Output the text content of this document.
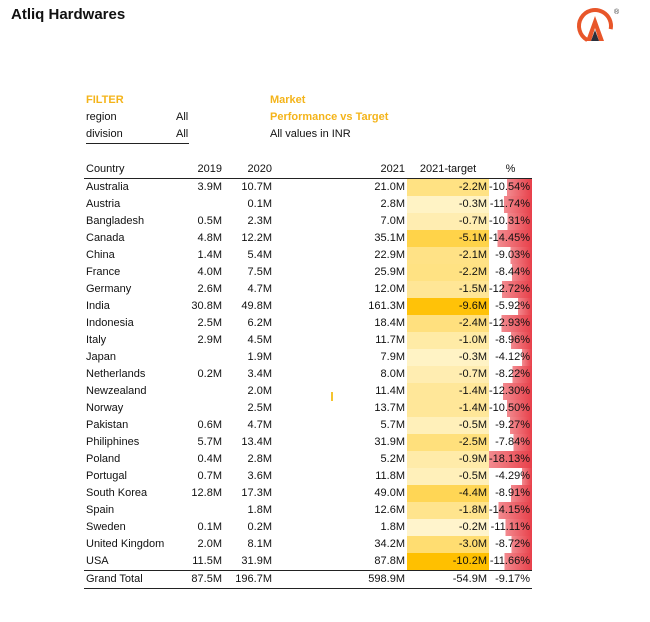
Atliq Hardwares	®
FILTER
region	All
division	All
Market
Performance vs Target
All values in INR
Country	2019	2020	2021	2021-target	%
Australia	3.9M	10.7M	21.0M	-2.2M	-10.54%
Austria		0.1M	2.8M	-0.3M	-11.74%
Bangladesh	0.5M	2.3M	7.0M	-0.7M	-10.31%
Canada	4.8M	12.2M	35.1M	-5.1M	-14.45%
China	1.4M	5.4M	22.9M	-2.1M	-9.03%
France	4.0M	7.5M	25.9M	-2.2M	-8.44%
Germany	2.6M	4.7M	12.0M	-1.5M	-12.72%
India	30.8M	49.8M	161.3M	-9.6M	-5.92%
Indonesia	2.5M	6.2M	18.4M	-2.4M	-12.93%
Italy	2.9M	4.5M	11.7M	-1.0M	-8.96%
Japan		1.9M	7.9M	-0.3M	-4.12%
Netherlands	0.2M	3.4M	8.0M	-0.7M	-8.22%
Newzealand		2.0M	11.4M	-1.4M	-12.30%
Norway		2.5M	13.7M	-1.4M	-10.50%
Pakistan	0.6M	4.7M	5.7M	-0.5M	-9.27%
Philiphines	5.7M	13.4M	31.9M	-2.5M	-7.84%
Poland	0.4M	2.8M	5.2M	-0.9M	-18.13%
Portugal	0.7M	3.6M	11.8M	-0.5M	-4.29%
South Korea	12.8M	17.3M	49.0M	-4.4M	-8.91%
Spain		1.8M	12.6M	-1.8M	-14.15%
Sweden	0.1M	0.2M	1.8M	-0.2M	-11.11%
United Kingdom	2.0M	8.1M	34.2M	-3.0M	-8.72%
USA	11.5M	31.9M	87.8M	-10.2M	-11.66%
Grand Total	87.5M	196.7M	598.9M	-54.9M	-9.17%
